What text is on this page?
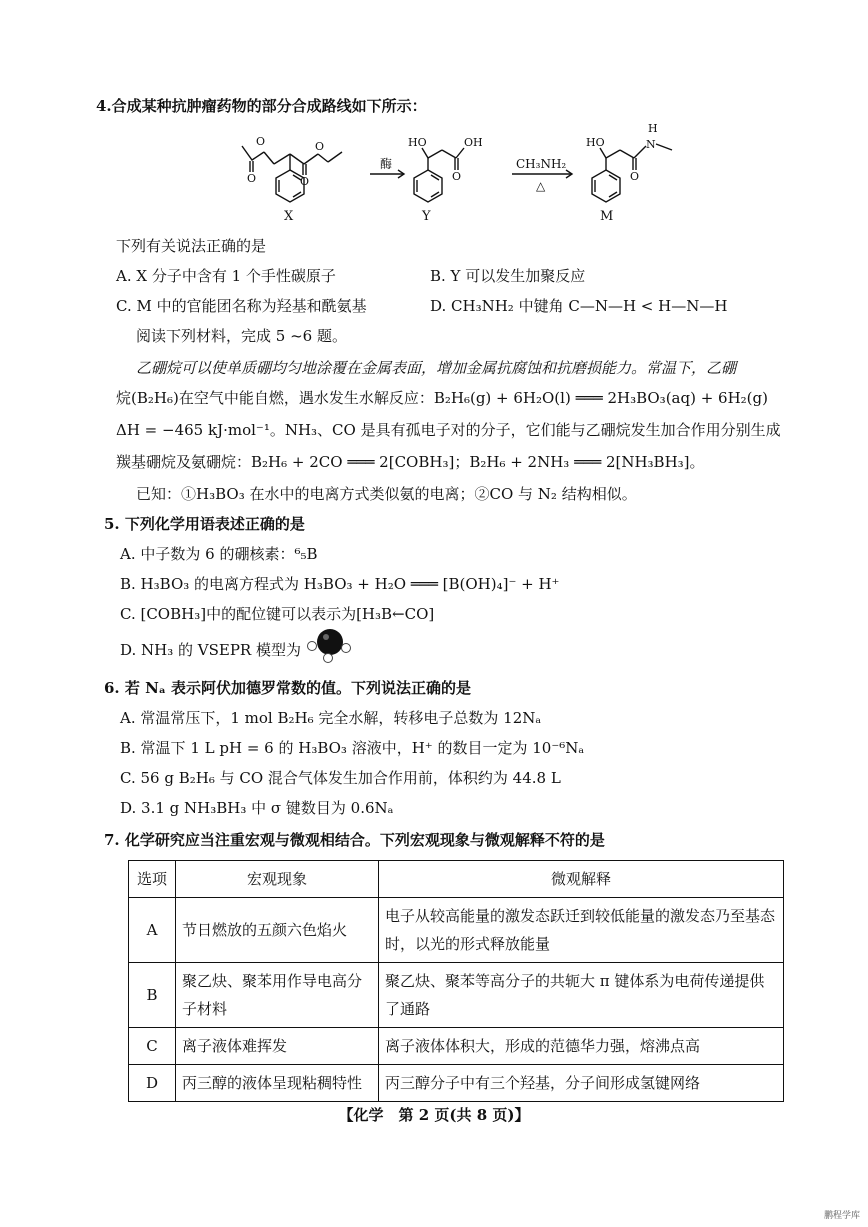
4.合成某种抗肿瘤药物的部分合成路线如下所示：
O
O	O
O	HO
O
OH	HO
O
H
N
X	Y	M
酶	CH₃NH₂
△
下列有关说法正确的是
A. X 分子中含有 1 个手性碳原子	B. Y 可以发生加聚反应
C. M 中的官能团名称为羟基和酰氨基	D. CH₃NH₂ 中键角 C—N—H < H—N—H
阅读下列材料，完成 5 ~6 题。
乙硼烷可以使单质硼均匀地涂覆在金属表面，增加金属抗腐蚀和抗磨损能力。常温下，乙硼
烷(B₂H₆)在空气中能自燃，遇水发生水解反应：B₂H₆(g) + 6H₂O(l) ═══ 2H₃BO₃(aq) + 6H₂(g)
ΔH = −465 kJ·mol⁻¹。NH₃、CO 是具有孤电子对的分子，它们能与乙硼烷发生加合作用分别生成
羰基硼烷及氨硼烷：B₂H₆ + 2CO ═══ 2[COBH₃]；B₂H₆ + 2NH₃ ═══ 2[NH₃BH₃]。
已知：①H₃BO₃ 在水中的电离方式类似氨的电离；②CO 与 N₂ 结构相似。
5. 下列化学用语表述正确的是
A. 中子数为 6 的硼核素：⁶₅B
B. H₃BO₃ 的电离方程式为 H₃BO₃ + H₂O ═══ [B(OH)₄]⁻ + H⁺
C. [COBH₃]中的配位键可以表示为[H₃B←CO]
D. NH₃ 的 VSEPR 模型为
6. 若 Nₐ 表示阿伏加德罗常数的值。下列说法正确的是
A. 常温常压下，1 mol B₂H₆ 完全水解，转移电子总数为 12Nₐ
B. 常温下 1 L pH = 6 的 H₃BO₃ 溶液中，H⁺ 的数目一定为 10⁻⁶Nₐ
C. 56 g B₂H₆ 与 CO 混合气体发生加合作用前，体积约为 44.8 L
D. 3.1 g NH₃BH₃ 中 σ 键数目为 0.6Nₐ
7. 化学研究应当注重宏观与微观相结合。下列宏观现象与微观解释不符的是
选项	宏观现象	微观解释
A	节日燃放的五颜六色焰火	电子从较高能量的激发态跃迁到较低能量的激发态乃至基态时，以光的形式释放能量
B	聚乙炔、聚苯用作导电高分子材料	聚乙炔、聚苯等高分子的共轭大 π 键体系为电荷传递提供了通路
C	离子液体难挥发	离子液体体积大，形成的范德华力强，熔沸点高
D	丙三醇的液体呈现粘稠特性	丙三醇分子中有三个羟基，分子间形成氢键网络
【化学　第 2 页(共 8 页)】
鹏程学库
